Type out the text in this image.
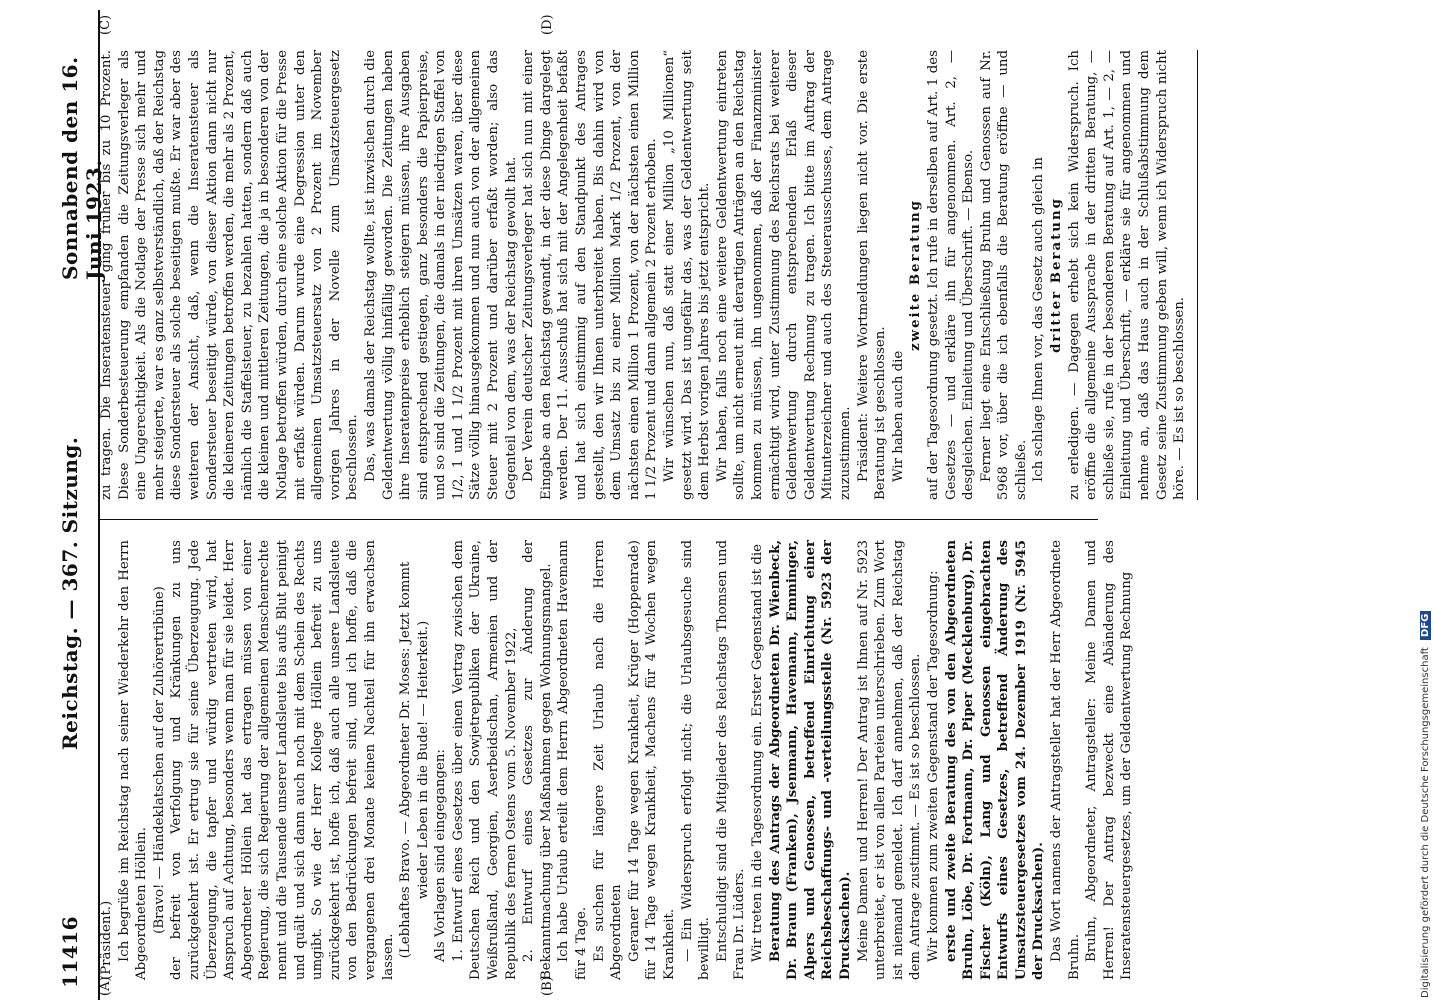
11416
Reichstag. — 367. Sitzung.
Sonnabend den 16. Juni 1923.
(A)	(B)
(C)	(D)

(Präsident.) Ich begrüße im Reichstag nach seiner Wiederkehr den Herrn Abgeordneten Höllein. (Bravo! — Händeklatschen auf der Zuhörertribüne) der befreit von Verfolgung und Kränkungen zu uns zurückgekehrt ist. Er ertrug sie für seine Überzeugung. Jede Überzeugung, die tapfer und würdig vertreten wird, hat Anspruch auf Achtung, besonders wenn man für sie leidet. Herr Abgeordneter Höllein hat das ertragen müssen von einer Regierung, die sich Regierung der allgemeinen Menschenrechte nennt und die Tausende unserer Landsleute bis aufs Blut peinigt und quält und sich dann auch noch mit dem Schein des Rechts umgibt. So wie der Herr Kollege Höllein befreit zu uns zurückgekehrt ist, hoffe ich, daß auch alle unsere Landsleute von den Bedrückungen befreit sind, und ich hoffe, daß die vergangenen drei Monate keinen Nachteil für ihn erwachsen lassen. (Lebhaftes Bravo. — Abgeordneter Dr. Moses: Jetzt kommt wieder Leben in die Bude! — Heiterkeit.) Als Vorlagen sind eingegangen: 1. Entwurf eines Gesetzes über einen Vertrag zwischen dem Deutschen Reich und den Sowjetrepubliken der Ukraine, Weißrußland, Georgien, Aserbeidschan, Armenien und der Republik des fernen Ostens vom 5. November 1922, 2. Entwurf eines Gesetzes zur Änderung der Bekanntmachung über Maßnahmen gegen Wohnungsmangel. Ich habe Urlaub erteilt dem Herrn Abgeordneten Havemann für 4 Tage. Es suchen für längere Zeit Urlaub nach die Herren Abgeordneten Geraner für 14 Tage wegen Krankheit, Krüger (Hoppenrade) für 14 Tage wegen Krankheit, Machens für 4 Wochen wegen Krankheit. — Ein Widerspruch erfolgt nicht; die Urlaubsgesuche sind bewilligt. Entschuldigt sind die Mitglieder des Reichstags Thomsen und Frau Dr. Lüders. Wir treten in die Tagesordnung ein. Erster Gegenstand ist die Beratung des Antrags der Abgeordneten Dr. Wienbeck, Dr. Braun (Franken), Jsenmann, Havemann, Emminger, Alpers und Genossen, betreffend Einrichtung einer Reichsbeschaffungs- und -verteilungsstelle (Nr. 5923 der Drucksachen). Meine Damen und Herren! Der Antrag ist Ihnen auf Nr. 5923 unterbreitet, er ist von allen Parteien unterschrieben. Zum Wort ist niemand gemeldet. Ich darf annehmen, daß der Reichstag dem Antrage zustimmt. — Es ist so beschlossen. Wir kommen zum zweiten Gegenstand der Tagesordnung: erste und zweite Beratung des von den Abgeordneten Bruhn, Löbe, Dr. Fortmann, Dr. Piper (Mecklenburg), Dr. Fischer (Köln), Lang und Genossen eingebrachten Entwurfs eines Gesetzes, betreffend Änderung des Umsatzsteuergesetzes vom 24. Dezember 1919 (Nr. 5945 der Drucksachen). Das Wort namens der Antragsteller hat der Herr Abgeordnete Bruhn. Bruhn, Abgeordneter, Antragsteller: Meine Damen und Herren! Der Antrag bezweckt eine Abänderung des Inseratensteuergesetzes, um der Geldentwertung Rechnung

zu tragen. Die Inseratensteuer ging früher bis zu 10 Prozent. Diese Sonderbesteuerung empfanden die Zeitungsverleger als eine Ungerechtigkeit. Als die Notlage der Presse sich mehr und mehr steigerte, war es ganz selbstverständlich, daß der Reichstag diese Sondersteuer als solche beseitigen mußte. Er war aber des weiteren der Ansicht, daß, wenn die Inseratensteuer als Sondersteuer beseitigt würde, von dieser Aktion dann nicht nur die kleineren Zeitungen betroffen werden, die mehr als 2 Prozent, nämlich die Staffelsteuer, zu bezahlen hatten, sondern daß auch die kleinen und mittleren Zeitungen, die ja in besonderen von der Notlage betroffen würden, durch eine solche Aktion für die Presse mit erfaßt würden. Darum wurde eine Degression unter den allgemeinen Umsatzsteuersatz von 2 Prozent im November vorigen Jahres in der Novelle zum Umsatzsteuergesetz beschlossen. Das, was damals der Reichstag wollte, ist inzwischen durch die Geldentwertung völlig hinfällig geworden. Die Zeitungen haben ihre Inseratenpreise erheblich steigern müssen, ihre Ausgaben sind entsprechend gestiegen, ganz besonders die Papierpreise, und so sind die Zeitungen, die damals in der niedrigen Staffel von 1/2, 1 und 1 1/2 Prozent mit ihren Umsätzen waren, über diese Sätze völlig hinausgekommen und nun auch von der allgemeinen Steuer mit 2 Prozent und darüber erfaßt worden; also das Gegenteil von dem, was der Reichstag gewollt hat. Der Verein deutscher Zeitungsverleger hat sich nun mit einer Eingabe an den Reichstag gewandt, in der diese Dinge dargelegt werden. Der 11. Ausschuß hat sich mit der Angelegenheit befaßt und hat sich einstimmig auf den Standpunkt des Antrages gestellt, den wir Ihnen unterbreitet haben. Bis dahin wird von dem Umsatz bis zu einer Million Mark 1/2 Prozent, von der nächsten einen Million 1 Prozent, von der nächsten einen Million 1 1/2 Prozent und dann allgemein 2 Prozent erhoben. Wir wünschen nun, daß statt einer Million „10 Millionen“ gesetzt wird. Das ist ungefähr das, was der Geldentwertung seit dem Herbst vorigen Jahres bis jetzt entspricht. Wir haben, falls noch eine weitere Geldentwertung eintreten sollte, um nicht erneut mit derartigen Anträgen an den Reichstag kommen zu müssen, ihn ungenommen, daß der Finanzminister ermächtigt wird, unter Zustimmung des Reichsrats bei weiterer Geldentwertung durch entsprechenden Erlaß dieser Geldentwertung Rechnung zu tragen. Ich bitte im Auftrag der Mitunterzeichner und auch des Steuerausschusses, dem Antrage zuzustimmen. Präsident: Weitere Wortmeldungen liegen nicht vor. Die erste Beratung ist geschlossen. Wir haben auch die

zweite Beratung auf der Tagesordnung gesetzt. Ich rufe in derselben auf Art. 1 des Gesetzes — und erkläre ihn für angenommen. Art. 2, — desgleichen. Einleitung und Überschrift. — Ebenso. Ferner liegt eine Entschließung Bruhn und Genossen auf Nr. 5968 vor, über die ich ebenfalls die Beratung eröffne — und schließe. Ich schlage Ihnen vor, das Gesetz auch gleich in dritter Beratung zu erledigen. — Dagegen erhebt sich kein Widerspruch. Ich eröffne die allgemeine Aussprache in der dritten Beratung, — schließe sie, rufe in der besonderen Beratung auf Art. 1, — 2, — Einleitung und Überschrift, — erkläre sie für angenommen und nehme an, daß das Haus auch in der Schlußabstimmung dem Gesetz seine Zustimmung geben will, wenn ich Widerspruch nicht höre. — Es ist so beschlossen.

Digitalisierung gefördert durch die Deutsche Forschungsgemeinschaft DFG
